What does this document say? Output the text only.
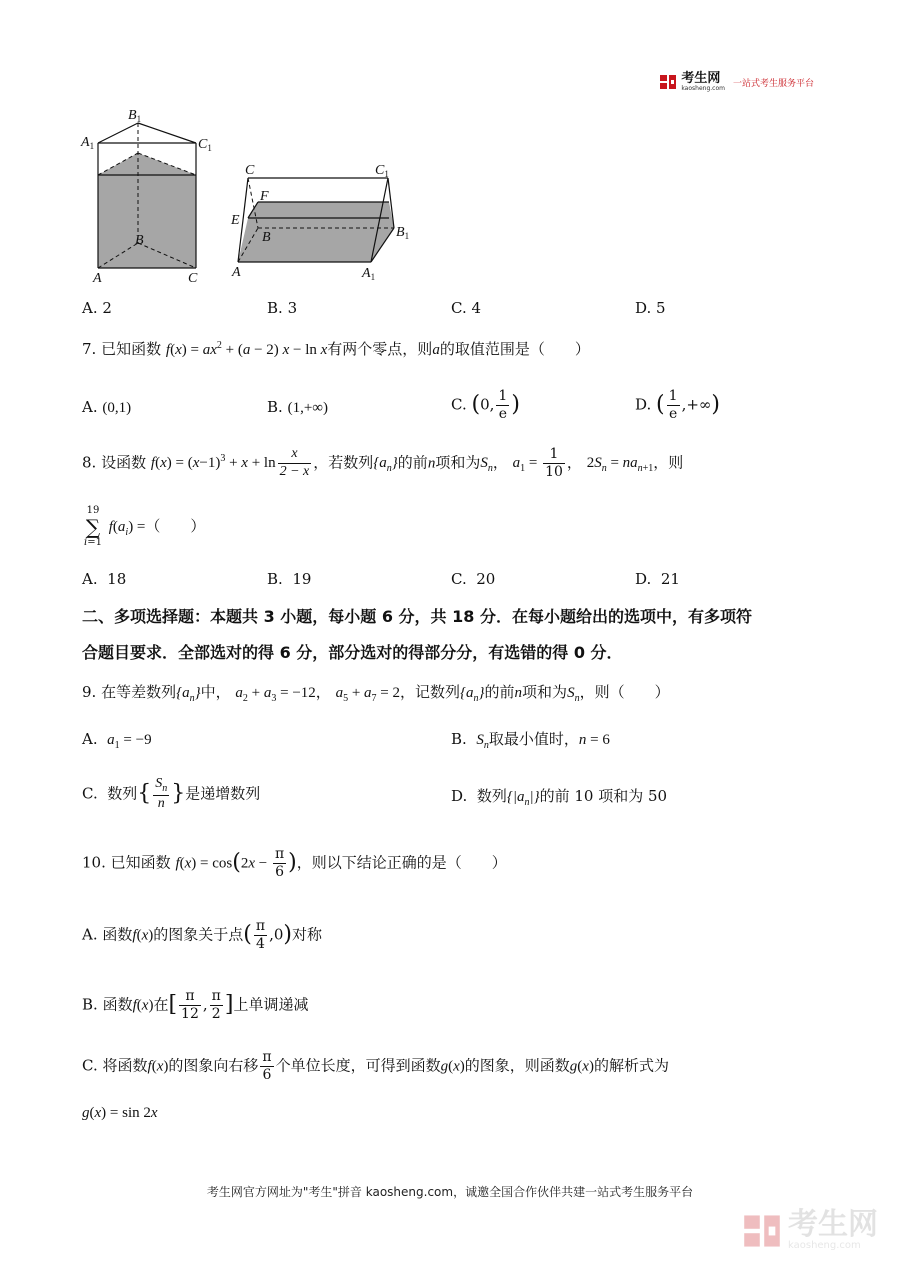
考生网
kaosheng.com 一站式考生服务平台
$B_1$
$A_1$	$C_1$
B
A	C
C	$C_1$
F
E
B	$B_1$
A	$A_1$
A. 2	B. 3	C. 4	D. 5
7. 已知函数 $f(x) = ax^2 + (a - 2) x - \ln x$有两个零点，则a的取值范围是（　　）
A. (0,1)	B. (1,+∞)	C. (0, $\frac{1}{e}$ )	D. ( $\frac{1}{e}$ ,+∞)
8. 设函数 $f(x) = (x-1)^3 + x + \ln \frac{x}{2 - x}$ ，若数列$\{a_n\}$的前n项和为$S_n$， $a_1 = \frac{1}{10}$ ， $2S_n = na_{n+1}$，则
19
∑
i=1
$f(a_i)$ =（　　）
A. 18	B. 19	C. 20	D. 21
二、多项选择题：本题共 3 小题，每小题 6 分，共 18 分．在每小题给出的选项中，有多项符
合题目要求．全部选对的得 6 分，部分选对的得部分分，有选错的得 0 分．
9. 在等差数列$\{a_n\}$中， $a_2 + a_3 = -12$， $a_5 + a_7 = 2$，记数列$\{a_n\}$的前n项和为$S_n$，则（　　）
A. $a_1 = -9$	B. $S_n$取最小值时，n = 6
C. 数列{ $\frac{S_n}{n}$ }是递增数列	D. 数列$\{|a_n|\}$的前 10 项和为 50
10. 已知函数 $f(x) = \cos(2x - \frac{\pi}{6}$ )，则以下结论正确的是（　　）
A. 函数f(x)的图象关于点( $\frac{\pi}{4} ,0$)对称
B. 函数f(x)在[ $\frac{\pi}{12}$ , $\frac{\pi}{2}$ ]上单调递减
C. 将函数f(x)的图象向右移 $\frac{\pi}{6}$ 个单位长度，可得到函数g(x)的图象，则函数g(x)的解析式为
g(x) = sin 2x
考生网官方网址为"考生"拼音 kaosheng.com，诚邀全国合作伙伴共建一站式考生服务平台
考生网
kaosheng.com
